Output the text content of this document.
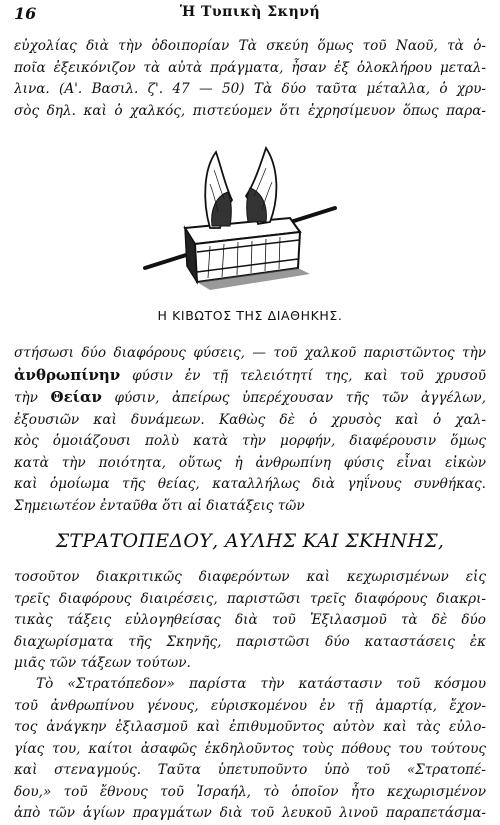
16	Ἡ Τυπικὴ Σκηνή
εὐχολίας διὰ τὴν ὁδοιπορίαν Τὰ σκεύη ὅμως τοῦ Ναοῦ, τὰ ὁ-
ποῖα ἐξεικόνιζον τὰ αὐτὰ πράγματα, ἦσαν ἐξ ὁλοκλήρου μεταλ-
λινα. (Α'. Βασιλ. ζ'. 47 — 50) Τὰ δύο ταῦτα μέταλλα, ὁ χρυ-
σὸς δηλ. καὶ ὁ χαλκός, πιστεύομεν ὅτι ἐχρησίμευον ὅπως παρα-
Η ΚΙΒΩΤΟΣ ΤΗΣ ΔΙΑΘΗΚΗΣ.
στήσωσι δύο διαφόρους φύσεις, — τοῦ χαλκοῦ παριστῶντος τὴν
ἀνθρωπίνην φύσιν ἐν τῇ τελειότητί της, καὶ τοῦ χρυσοῦ
τὴν Θείαν φύσιν, ἀπείρως ὑπερέχουσαν τῆς τῶν ἀγγέλων,
ἐξουσιῶν καὶ δυνάμεων. Καθὼς δὲ ὁ χρυσὸς καὶ ὁ χαλ-
κὸς ὁμοιάζουσι πολὺ κατὰ τὴν μορφήν, διαφέρουσιν ὅμως
κατὰ τὴν ποιότητα, οὕτως ἡ ἀνθρωπίνη φύσις εἶναι εἰκὼν
καὶ ὁμοίωμα τῆς θείας, καταλλήλως διὰ γηΐνους συνθήκας.
Σημειωτέον ἐνταῦθα ὅτι αἱ διατάξεις τῶν
ΣΤΡΑΤΟΠΕΔΟΥ, ΑΥΛΗΣ ΚΑΙ ΣΚΗΝΗΣ,
τοσοῦτον διακριτικῶς διαφερόντων καὶ κεχωρισμένων εἰς
τρεῖς διαφόρους διαιρέσεις, παριστῶσι τρεῖς διαφόρους διακρι-
τικὰς τάξεις εὐλογηθείσας διὰ τοῦ Ἐξιλασμοῦ τὰ δὲ δύο
διαχωρίσματα τῆς Σκηνῆς, παριστῶσι δύο καταστάσεις ἐκ
μιᾶς τῶν τάξεων τούτων.
Τὸ «Στρατόπεδον» παρίστα τὴν κατάστασιν τοῦ κόσμου
τοῦ ἀνθρωπίνου γένους, εὑρισκομένου ἐν τῇ ἁμαρτίᾳ, ἔχον-
τος ἀνάγκην ἐξιλασμοῦ καὶ ἐπιθυμοῦντος αὐτὸν καὶ τὰς εὐλο-
γίας του, καίτοι ἀσαφῶς ἐκδηλοῦντος τοὺς πόθους του τούτους
καὶ στεναγμούς. Ταῦτα ὑπετυποῦντο ὑπὸ τοῦ «Στρατοπέ-
δου,» τοῦ ἔθνους τοῦ Ἰσραήλ, τὸ ὁποῖον ἦτο κεχωρισμένον
ἀπὸ τῶν ἁγίων πραγμάτων διὰ τοῦ λευκοῦ λινοῦ παραπετάσμα-
